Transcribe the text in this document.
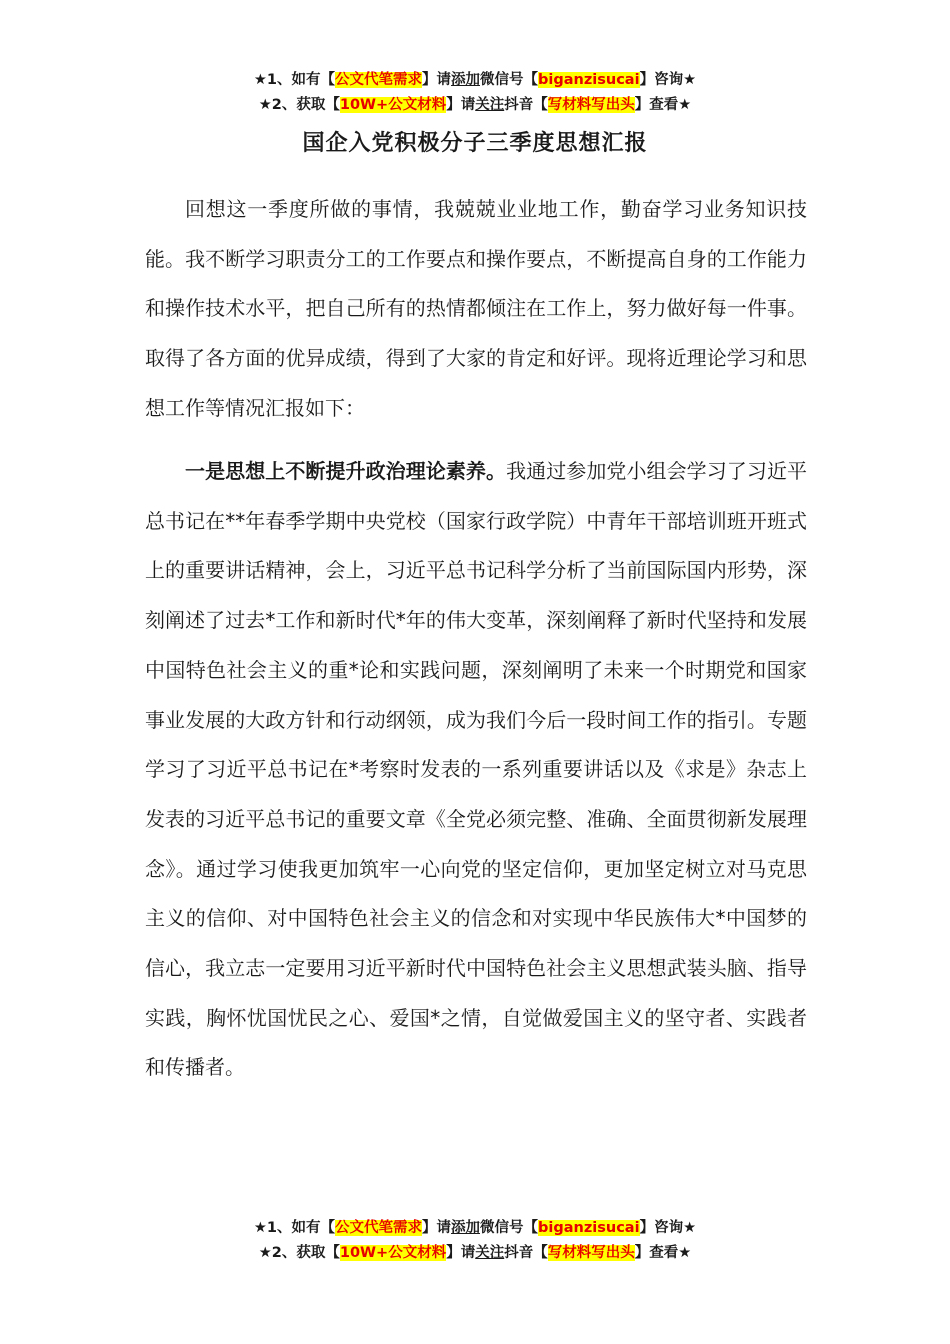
★1、如有【公文代笔需求】请添加微信号【biganzisucai】咨询★
★2、获取【10W+公文材料】请关注抖音【写材料写出头】查看★
国企入党积极分子三季度思想汇报

回想这一季度所做的事情，我兢兢业业地工作，勤奋学习业务知识技能。我不断学习职责分工的工作要点和操作要点，不断提高自身的工作能力和操作技术水平，把自己所有的热情都倾注在工作上，努力做好每一件事。取得了各方面的优异成绩，得到了大家的肯定和好评。现将近理论学习和思想工作等情况汇报如下：

一是思想上不断提升政治理论素养。我通过参加党小组会学习了习近平总书记在**年春季学期中央党校（国家行政学院）中青年干部培训班开班式上的重要讲话精神，会上，习近平总书记科学分析了当前国际国内形势，深刻阐述了过去*工作和新时代*年的伟大变革，深刻阐释了新时代坚持和发展中国特色社会主义的重*论和实践问题，深刻阐明了未来一个时期党和国家事业发展的大政方针和行动纲领，成为我们今后一段时间工作的指引。专题学习了习近平总书记在*考察时发表的一系列重要讲话以及《求是》杂志上发表的习近平总书记的重要文章《全党必须完整、准确、全面贯彻新发展理念》。通过学习使我更加筑牢一心向党的坚定信仰，更加坚定树立对马克思主义的信仰、对中国特色社会主义的信念和对实现中华民族伟大*中国梦的信心，我立志一定要用习近平新时代中国特色社会主义思想武装头脑、指导实践，胸怀忧国忧民之心、爱国*之情，自觉做爱国主义的坚守者、实践者和传播者。

★1、如有【公文代笔需求】请添加微信号【biganzisucai】咨询★
★2、获取【10W+公文材料】请关注抖音【写材料写出头】查看★
